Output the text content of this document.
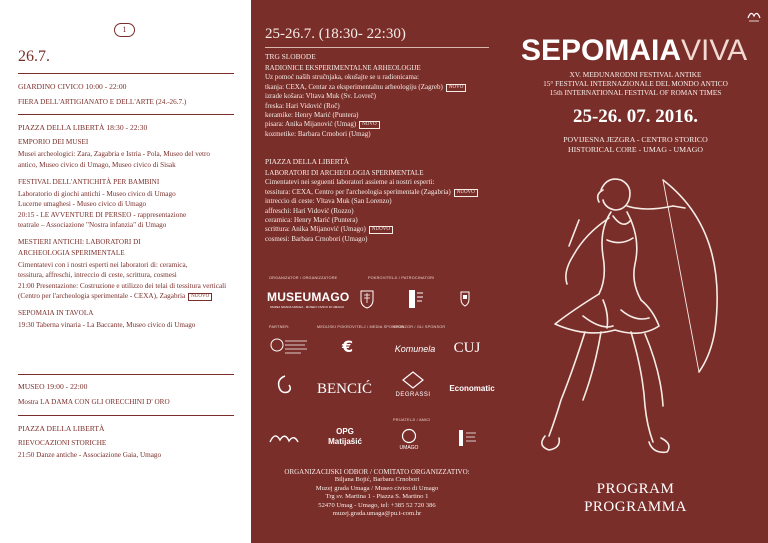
1
26.7.
GIARDINO CIVICO 10:00 - 22:00
FIERA DELL'ARTIGIANATO E DELL'ARTE (24.-26.7.)
PIAZZA DELLA LIBERTÀ 18:30 - 22:30
EMPORIO DEI MUSEI
Musei archeologici: Zara, Zagabria e Istria - Pola, Museo del vetro
antico, Museo civico di Umago, Museo civico di Sisak
FESTIVAL DELL'ANTICHITÀ PER BAMBINI
Laboratorio di giochi antichi - Museo civico di Umago
Lucerne umaghesi - Museo civico di Umago
20:15 - LE AVVENTURE DI PERSEO - rappresentazione
teatrale – Associazione "Nostra infanzia" di Umago
MESTIERI ANTICHI: LABORATORI DI
ARCHEOLOGIA SPERIMENTALE
Cimentatevi con i nostri esperti nei laboratori di: ceramica,
tessitura, affreschi, intreccio di ceste, scrittura, cosmesi
21:00 Presentazione: Costruzione e utilizzo dei telai di tessitura verticali
(Centro per l'archeologia sperimentale - CEXA), Zagabria NUOVO
SEPOMAIA IN TAVOLA
19:30 Taberna vinaria - La Baccante, Museo civico di Umago
MUSEO 19:00 - 22:00
Mostra LA DAMA CON GLI ORECCHINI D' ORO
PIAZZA DELLA LIBERTÀ
RIEVOCAZIONI STORICHE
21:50 Danze antiche - Associazione Gaia, Umago
25-26.7. (18:30- 22:30)
TRG SLOBODE
RADIONICE EKSPERIMENTALNE ARHEOLOGIJE
Uz pomoć naših stručnjaka, okušajte se u radionicama:
tkanja: CEXA, Centar za eksperimentalnu arheologiju (Zagreb) NOVO
izrade košara: Vltava Muk (Sv. Lovreč)
freska: Hari Vidović (Roč)
keramike: Henry Marić (Puntera)
pisara: Anika Mijanović (Umag) NOVO
kozmetike: Barbara Crnobori (Umag)
PIAZZA DELLA LIBERTÀ
LABORATORI DI ARCHEOLOGIA SPERIMENTALE
Cimentatevi nei seguenti laboratori assieme ai nostri esperti:
tessitura: CEXA, Centro per l'archeologia sperimentale (Zagabria) NUOVO
intreccio di ceste: Vltava Muk (San Lorenzo)
affreschi: Hari Vidović (Rozzo)
ceramica: Henry Marić (Puntera)
scrittura: Anika Mijanović (Umago) NUOVO
cosmesi: Barbara Crnobori (Umago)
ORGANIZATOR / ORGANIZZATORE	POKROVITELJI / PATROCINATORI
PARTNER:	MEDIJSKI POKROVITELJ / MEDIA SPONSOR
SPONZOR / GLI SPONSOR
PRIJATELJI / AMICI
MUSEUMAGO
MUZEJ GRADA UMAGA · MUSEO CIVICO DI UMAGO
€	Komunela	CUJ
BENCIĆ	DEGRASSI
Economatic
OPG
Matijašić
UMAGO
ORGANIZACIJSKI ODBOR / COMITATO ORGANIZZATIVO:
Biljana Bojić, Barbara Crnobori
Muzej grada Umaga / Museo civico di Umago
Trg sv. Martina 1 - Piazza S. Martino 1
52470 Umag - Umago, tel: +385 52 720 386
muzej.grada.umaga@pu.t-com.hr
SEPOMAIAVIVA
XV. MEĐUNARODNI FESTIVAL ANTIKE
15° FESTIVAL INTERNAZIONALE DEL MONDO ANTICO
15th INTERNATIONAL FESTIVAL OF ROMAN TIMES
25-26. 07. 2016.
POVIJESNA JEZGRA - CENTRO STORICO
HISTORICAL CORE - UMAG - UMAGO
PROGRAM
PROGRAMMA
